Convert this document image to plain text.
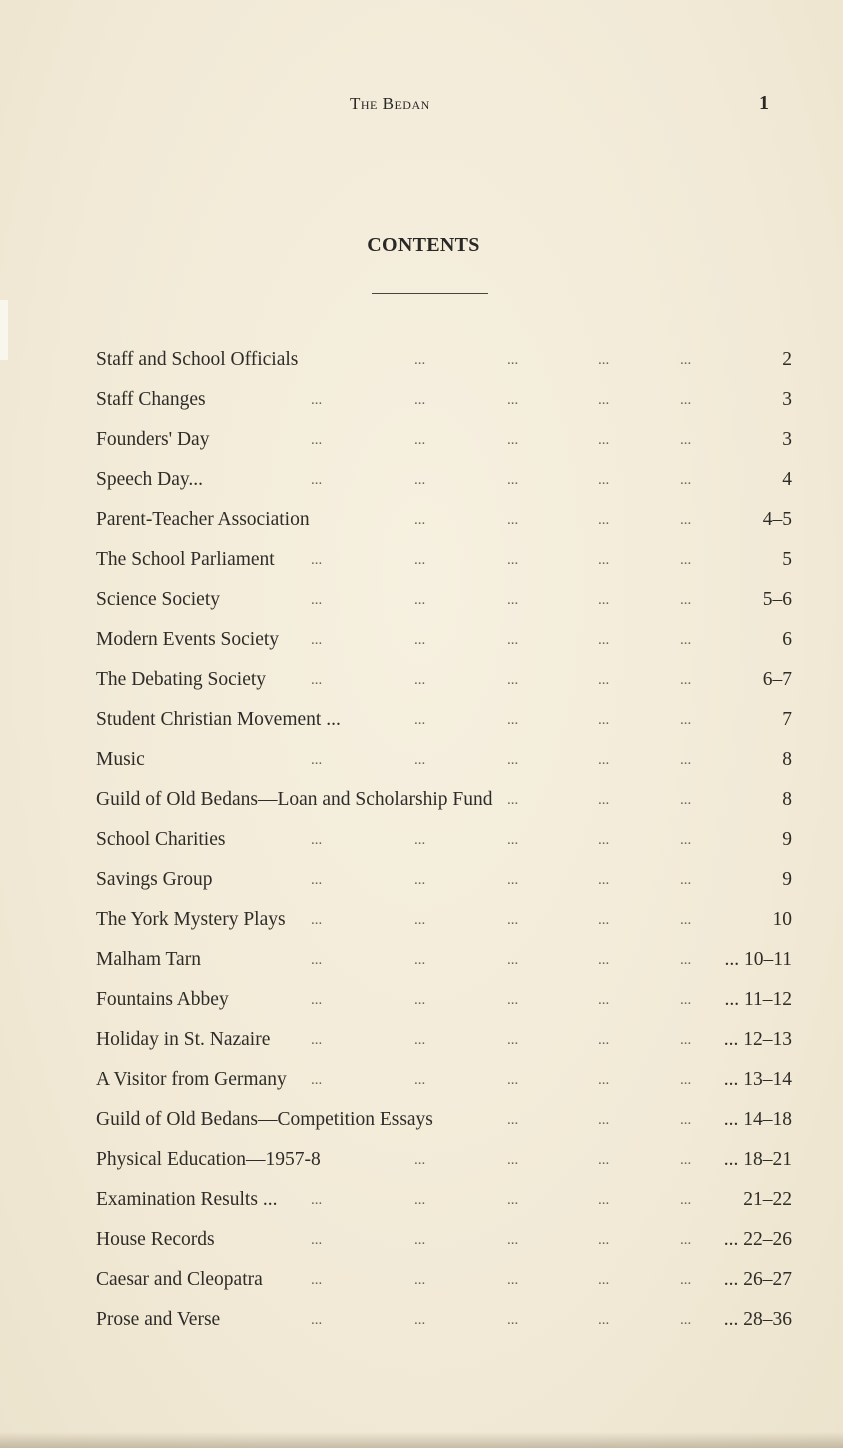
The Bedan	1
CONTENTS
Staff and School Officials	...	...	...	...	2
Staff Changes	...	...	...	...	...	3
Founders' Day	...	...	...	...	...	3
Speech Day...	...	...	...	...	...	4
Parent-Teacher Association	...	...	...	...	4–5
The School Parliament ...	...	...	...	...	5
Science Society	...	...	...	...	...	5–6
Modern Events Society ...	...	...	...	...	6
The Debating Society	...	...	...	...	...	6–7
Student Christian Movement ...	...	...	...	...	7
Music	...	...	...	...	...	8
Guild of Old Bedans—Loan and Scholarship Fund ...	...	...	8
School Charities	...	...	...	...	...	9
Savings Group	...	...	...	...	...	9
The York Mystery Plays ...	...	...	...	...	10
Malham Tarn	...	...	...	...	... ... 10–11
Fountains Abbey	...	...	...	...	... ... 11–12
Holiday in St. Nazaire	...	...	...	...	... ... 12–13
A Visitor from Germany ...	...	...	...	... ... 13–14
Guild of Old Bedans—Competition Essays	...	...	... ... 14–18
Physical Education—1957-8	...	...	...	... ... 18–21
Examination Results ... ...	...	...	...	...	21–22
House Records	...	...	...	...	... ... 22–26
Caesar and Cleopatra	...	...	...	...	... ... 26–27
Prose and Verse	...	...	...	...	... ... 28–36
